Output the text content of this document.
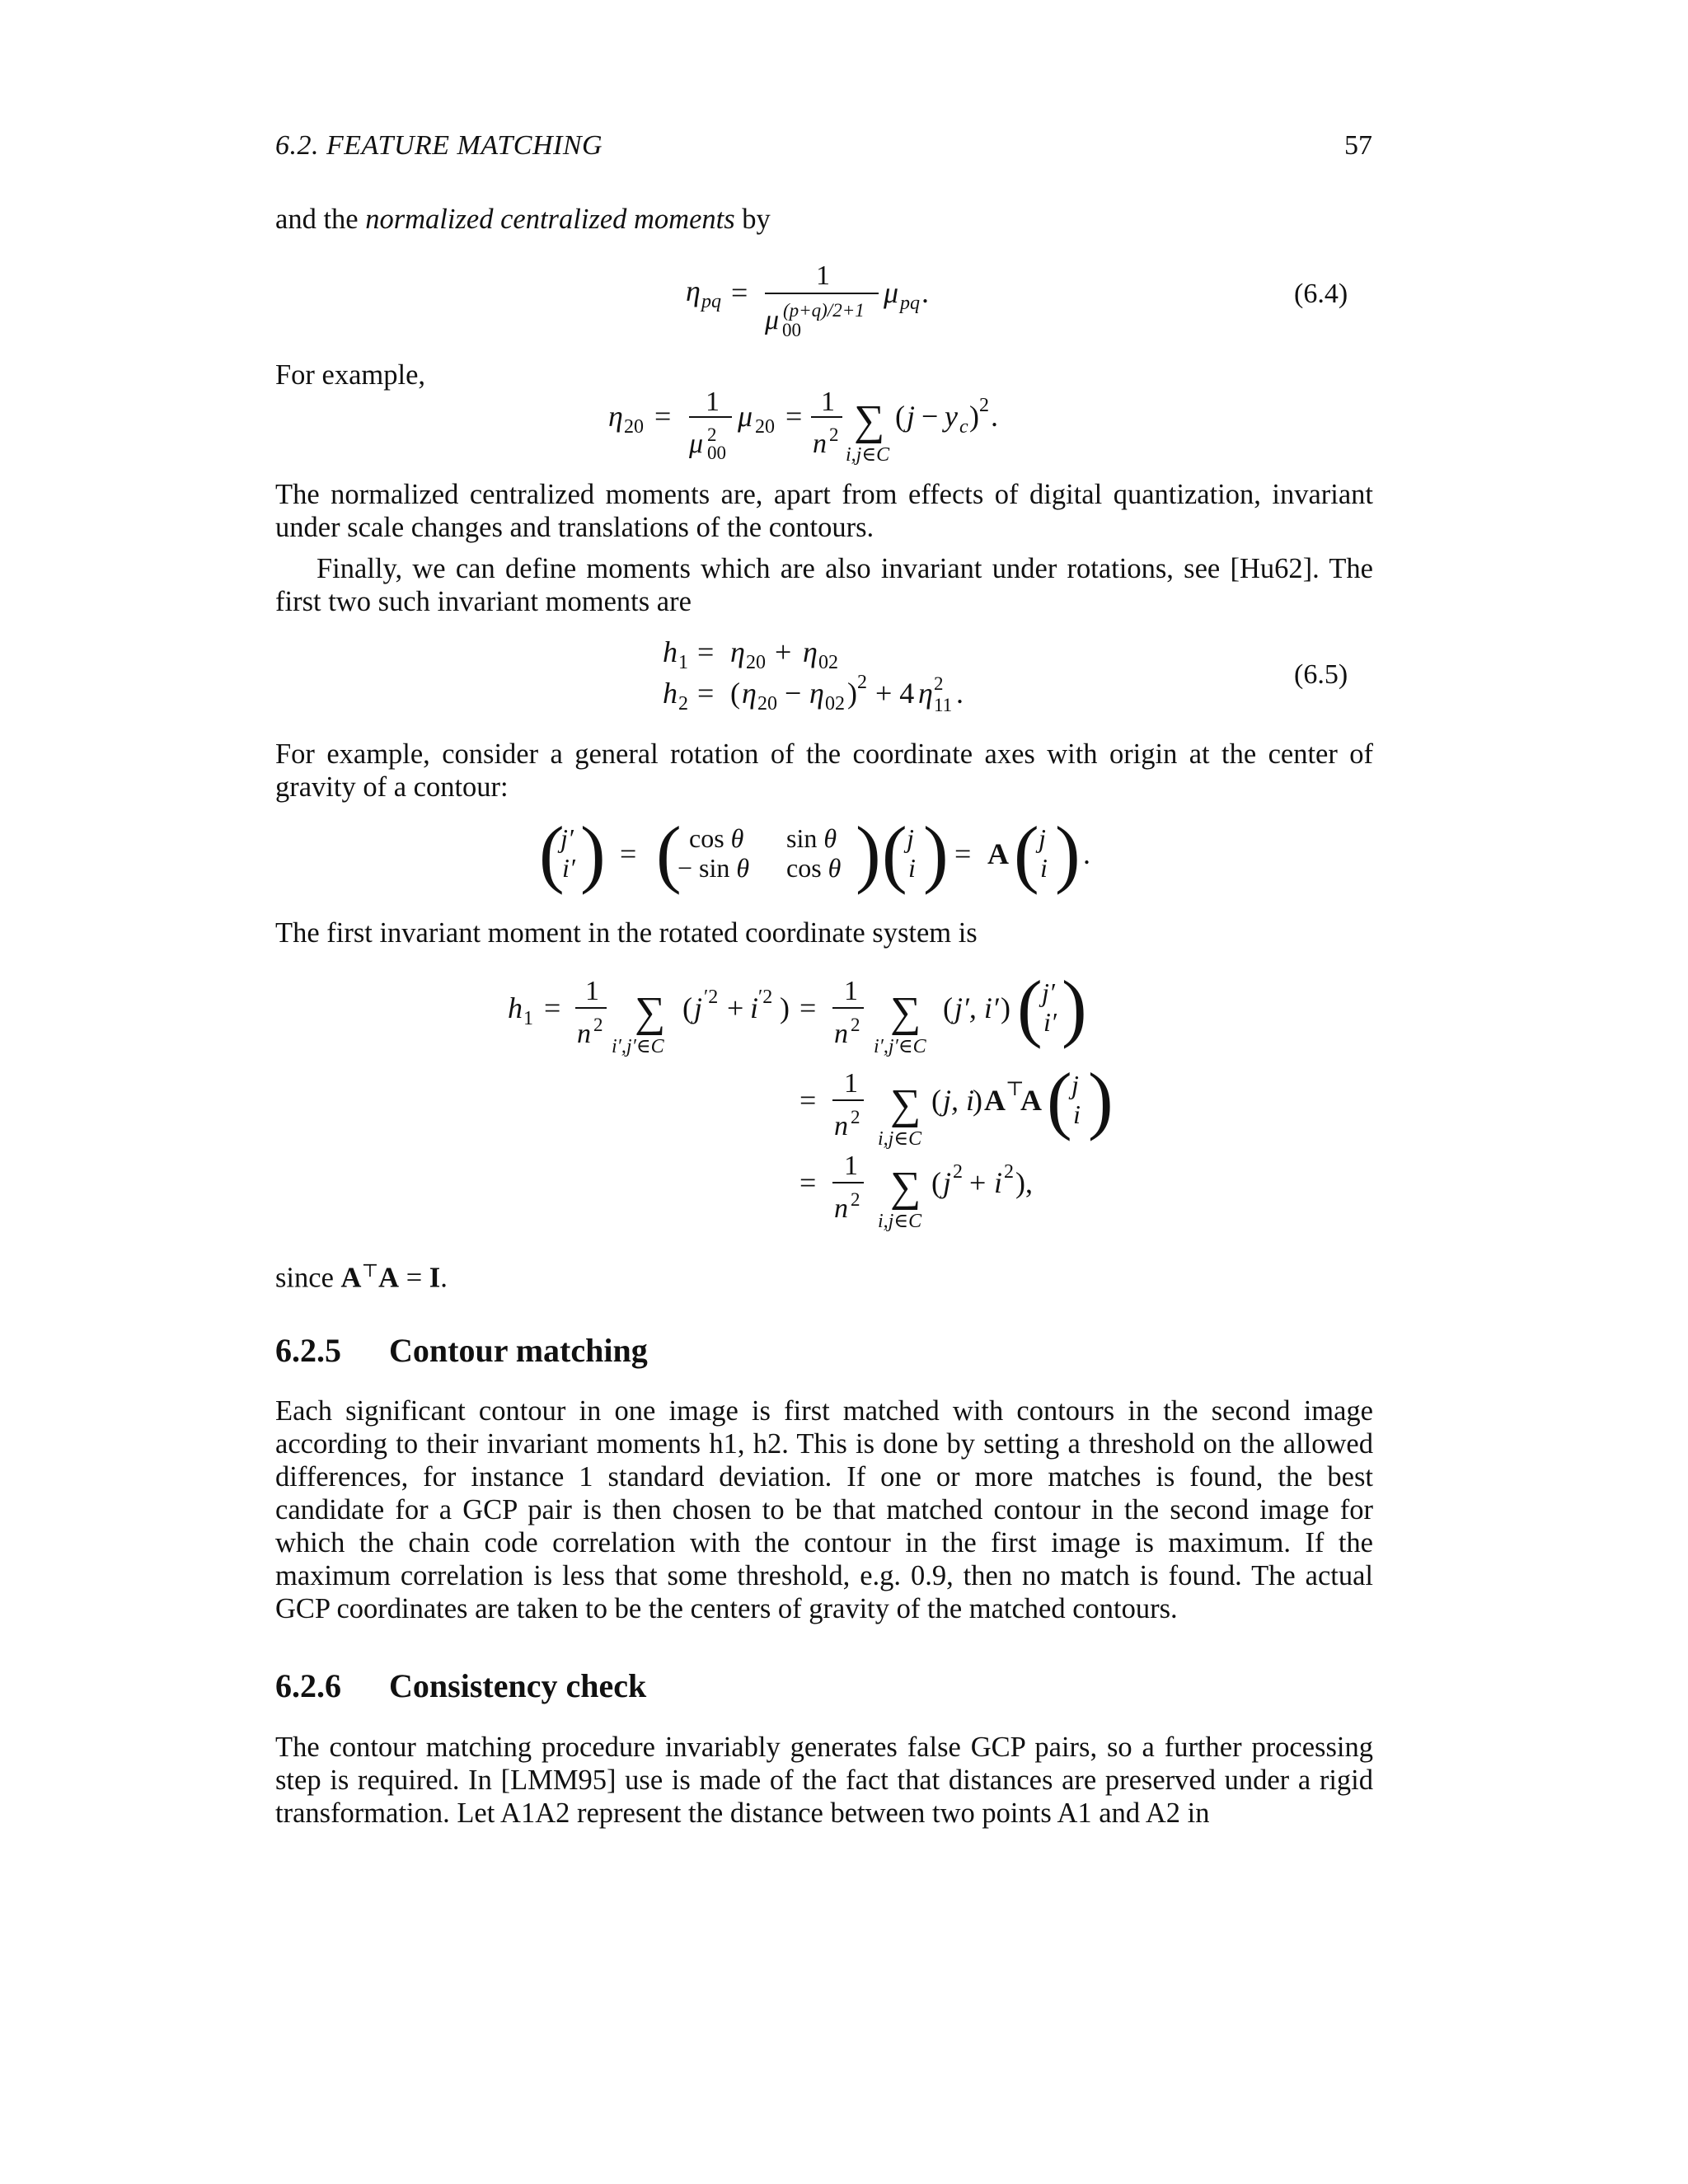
6.2. FEATURE MATCHING	57
and the normalized centralized moments by
η pq =
1
μ (p+q)/2+1
00
μ pq .	(6.4)
For example,
η 20 = 1
μ 2
00
μ 20 = 1
n 2 ∑
i,j∈C
( j − y c ) 2 .
The normalized centralized moments are, apart from effects of digital quantization, invariant under scale changes and translations of the contours.
Finally, we can define moments which are also invariant under rotations, see [Hu62]. The first two such invariant moments are
h 1 = η 20 + η 02
h 2 = ( η 20 − η 02 ) 2 + 4 η 2
11 .
(6.5)
For example, consider a general rotation of the coordinate axes with origin at the center of gravity of a contour:
(
j′
i′ ) = ( cos θ
− sin θ
sin θ
cos θ ) ( j
i ) = A ( j
i ) .
The first invariant moment in the rotated coordinate system is
h 1 =
1
n 2 ∑
i′,j′∈C
( j ′2 + i ′2 ) =
1
n 2 ∑
i′,j′∈C
( j′, i′ ) ( j′
i′ )
=
1
n 2 ∑
i,j∈C
( j, i
) A ⊤
A ( j
i )
=
1
n 2 ∑
i,j∈C
( j 2 + i 2 ),
since A⊤A = I.
6.2.5 Contour matching
Each significant contour in one image is first matched with contours in the second image according to their invariant moments h1, h2. This is done by setting a threshold on the allowed differences, for instance 1 standard deviation. If one or more matches is found, the best candidate for a GCP pair is then chosen to be that matched contour in the second image for which the chain code correlation with the contour in the first image is maximum. If the maximum correlation is less that some threshold, e.g. 0.9, then no match is found. The actual GCP coordinates are taken to be the centers of gravity of the matched contours.
6.2.6 Consistency check
The contour matching procedure invariably generates false GCP pairs, so a further processing step is required. In [LMM95] use is made of the fact that distances are preserved under a rigid transformation. Let A1A2 represent the distance between two points A1 and A2 in
